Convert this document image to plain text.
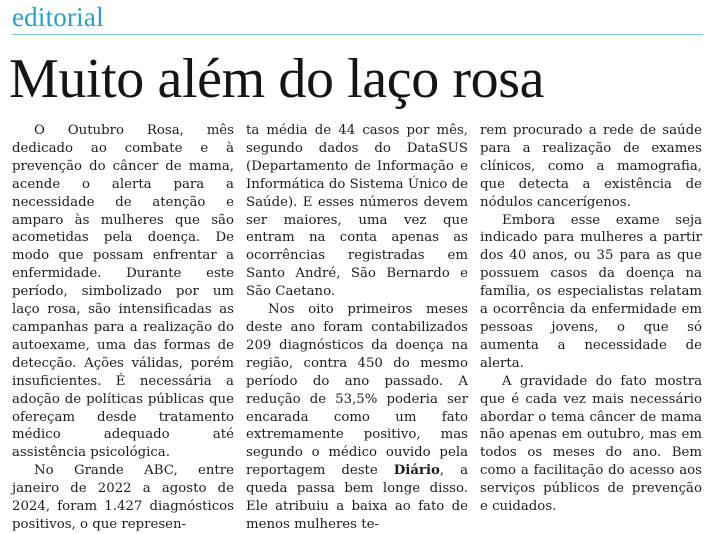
editorial
Muito além do laço rosa

O Outubro Rosa, mês dedicado ao combate e à prevenção do câncer de mama, acende o alerta para a necessidade de atenção e amparo às mulheres que são acometidas pela doença. De modo que possam enfrentar a enfermidade. Durante este período, simbolizado por um laço rosa, são intensificadas as campanhas para a realização do autoexame, uma das formas de detecção. Ações válidas, porém insuficientes. É necessária a adoção de políticas públicas que ofereçam desde tratamento médico adequado até assistência psicológica.

No Grande ABC, entre janeiro de 2022 a agosto de 2024, foram 1.427 diagnósticos positivos, o que represen-

ta média de 44 casos por mês, segundo dados do DataSUS (Departamento de Informação e Informática do Sistema Único de Saúde). E esses números devem ser maiores, uma vez que entram na conta apenas as ocorrências registradas em Santo André, São Bernardo e São Caetano.

Nos oito primeiros meses deste ano foram contabilizados 209 diagnósticos da doença na região, contra 450 do mesmo período do ano passado. A redução de 53,5% poderia ser encarada como um fato extremamente positivo, mas segundo o médico ouvido pela reportagem deste Diário, a queda passa bem longe disso. Ele atribuiu a baixa ao fato de menos mulheres te-

rem procurado a rede de saúde para a realização de exames clínicos, como a mamografia, que detecta a existência de nódulos cancerígenos.

Embora esse exame seja indicado para mulheres a partir dos 40 anos, ou 35 para as que possuem casos da doença na família, os especialistas relatam a ocorrência da enfermidade em pessoas jovens, o que só aumenta a necessidade de alerta.

A gravidade do fato mostra que é cada vez mais necessário abordar o tema câncer de mama não apenas em outubro, mas em todos os meses do ano. Bem como a facilitação do acesso aos serviços públicos de prevenção e cuidados.
